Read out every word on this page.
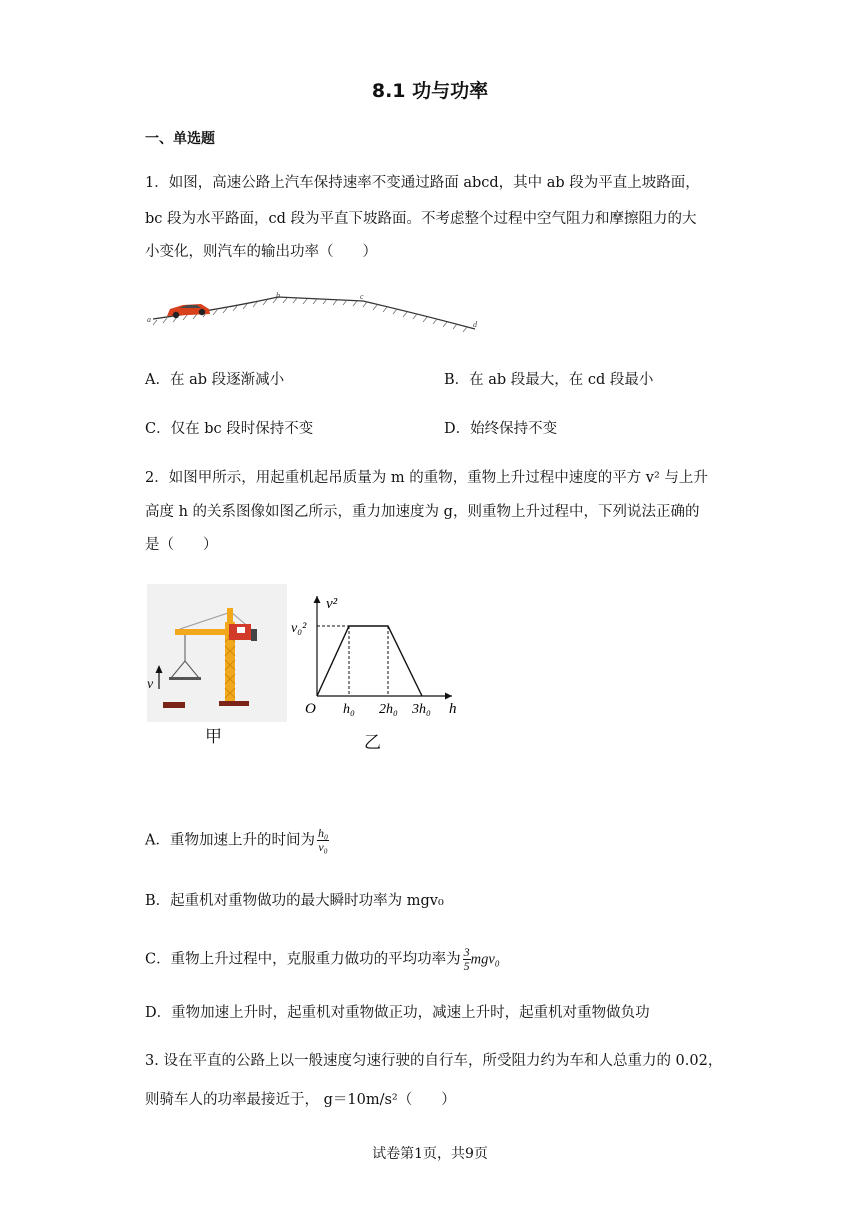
8.1 功与功率
一、单选题
1．如图，高速公路上汽车保持速率不变通过路面 abcd，其中 ab 段为平直上坡路面，
bc 段为水平路面，cd 段为平直下坡路面。不考虑整个过程中空气阻力和摩擦阻力的大
小变化，则汽车的输出功率（　　）
a
b	c
d
A．在 ab 段逐渐减小	B．在 ab 段最大，在 cd 段最小
C．仅在 bc 段时保持不变	D．始终保持不变
2．如图甲所示，用起重机起吊质量为 m 的重物，重物上升过程中速度的平方 v² 与上升
高度 h 的关系图像如图乙所示，重力加速度为 g，则重物上升过程中，下列说法正确的
是（　　）
v
甲
v²
v₀²
O h₀ 2h₀ 3h₀ h
乙
A．重物加速上升的时间为 $\frac{\text{h₀}}{\text{v₀}}$
B．起重机对重物做功的最大瞬时功率为 mgv₀
C．重物上升过程中，克服重力做功的平均功率为 $\frac{3}{5} mgv_0$
D．重物加速上升时，起重机对重物做正功，减速上升时，起重机对重物做负功
3. 设在平直的公路上以一般速度匀速行驶的自行车，所受阻力约为车和人总重力的 0.02，
则骑车人的功率最接近于， g＝10m/s²（　　）
试卷第1页，共9页
